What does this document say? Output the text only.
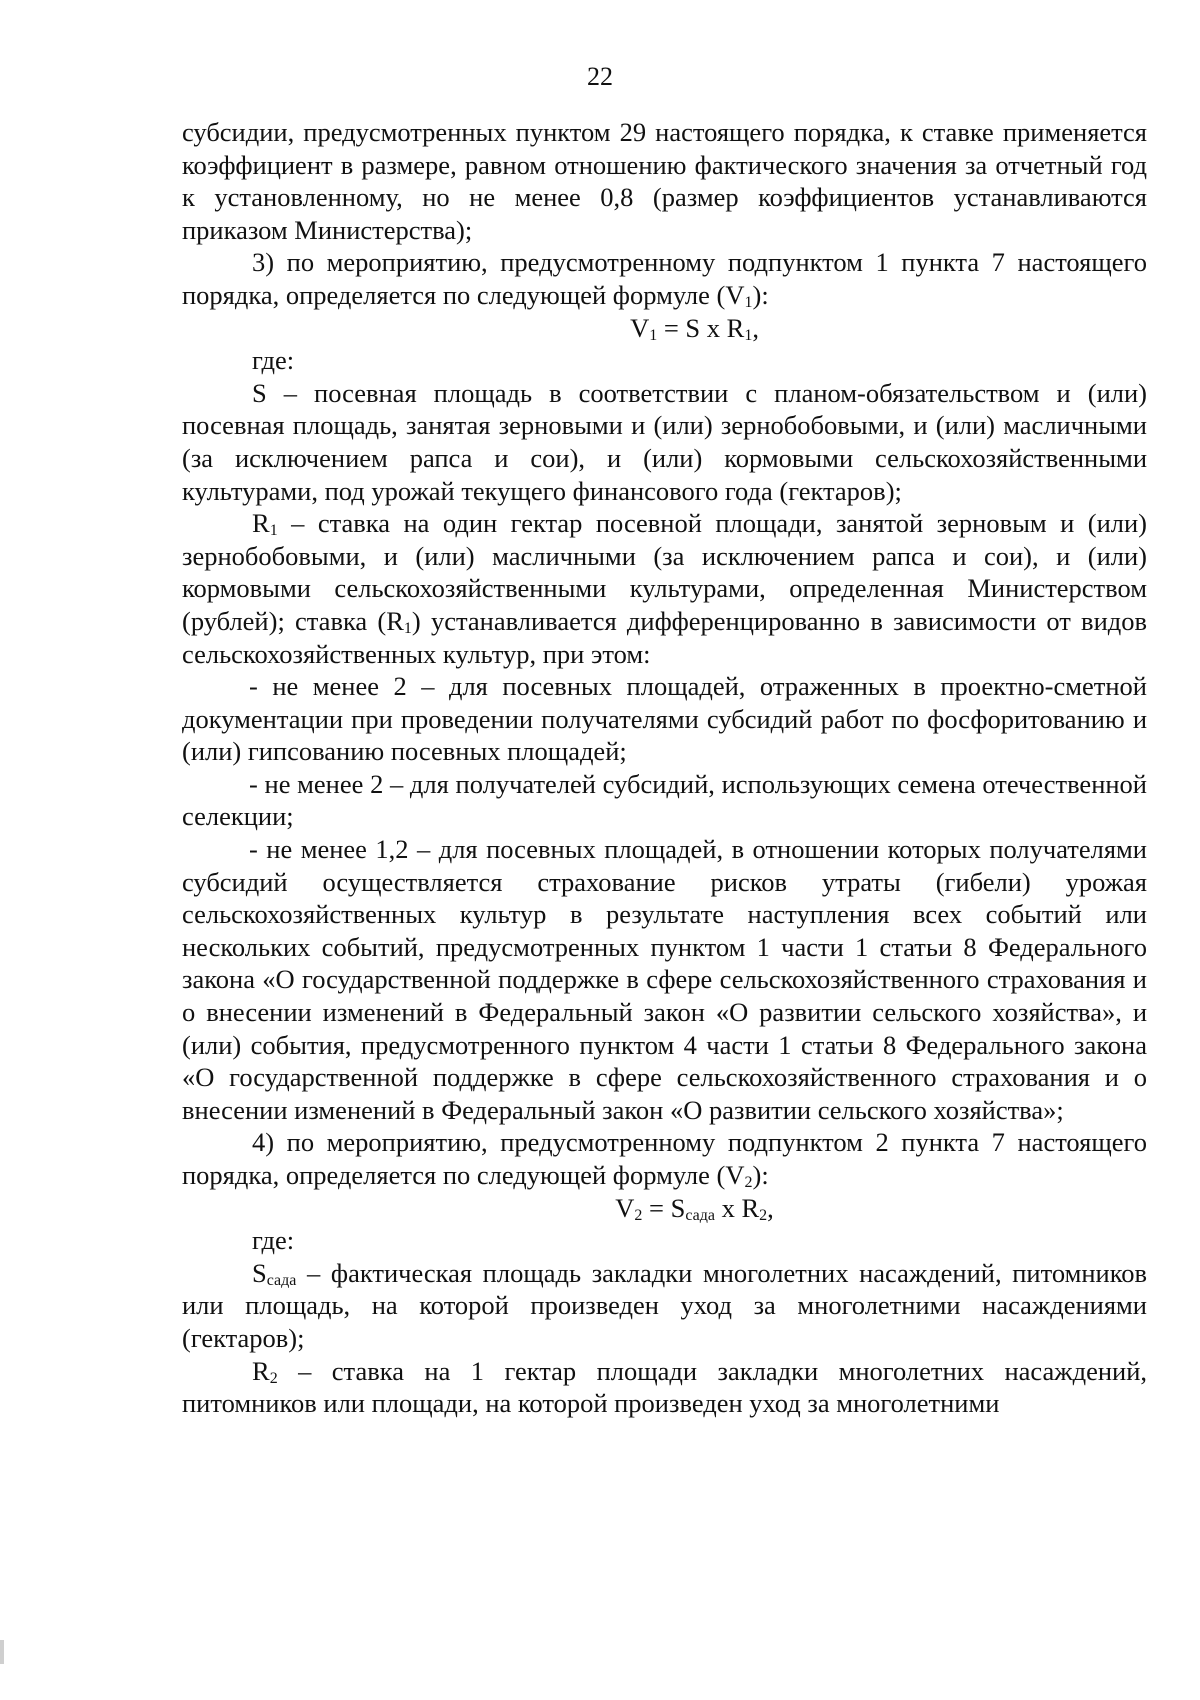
22

субсидии, предусмотренных пунктом 29 настоящего порядка, к ставке применяется коэффициент в размере, равном отношению фактического значения за отчетный год к установленному, но не менее 0,8 (размер коэффициентов устанавливаются приказом Министерства);

3) по мероприятию, предусмотренному подпунктом 1 пункта 7 настоящего порядка, определяется по следующей формуле $(V_1)$:

$V_1 = S$ x $R_1$,

где:

S – посевная площадь в соответствии с планом-обязательством и (или) посевная площадь, занятая зерновыми и (или) зернобобовыми, и (или) масличными (за исключением рапса и сои), и (или) кормовыми сельскохозяйственными культурами, под урожай текущего финансового года (гектаров);

$R_1$ – ставка на один гектар посевной площади, занятой зерновым и (или) зернобобовыми, и (или) масличными (за исключением рапса и сои), и (или) кормовыми сельскохозяйственными культурами, определенная Министерством (рублей); ставка $(R_1)$ устанавливается дифференцированно в зависимости от видов сельскохозяйственных культур, при этом:

- не менее 2 – для посевных площадей, отраженных в проектно-сметной документации при проведении получателями субсидий работ по фосфоритованию и (или) гипсованию посевных площадей;

- не менее 2 – для получателей субсидий, использующих семена отечественной селекции;

- не менее 1,2 – для посевных площадей, в отношении которых получателями субсидий осуществляется страхование рисков утраты (гибели) урожая сельскохозяйственных культур в результате наступления всех событий или нескольких событий, предусмотренных пунктом 1 части 1 статьи 8 Федерального закона «О государственной поддержке в сфере сельскохозяйственного страхования и о внесении изменений в Федеральный закон «О развитии сельского хозяйства», и (или) события, предусмотренного пунктом 4 части 1 статьи 8 Федерального закона «О государственной поддержке в сфере сельскохозяйственного страхования и о внесении изменений в Федеральный закон «О развитии сельского хозяйства»;

4) по мероприятию, предусмотренному подпунктом 2 пункта 7 настоящего порядка, определяется по следующей формуле $(V_2)$:

$V_2 = S_{сада}$ x $R_2$,

где:

$S_{сада}$ – фактическая площадь закладки многолетних насаждений, питомников или площадь, на которой произведен уход за многолетними насаждениями (гектаров);

$R_2$ – ставка на 1 гектар площади закладки многолетних насаждений, питомников или площади, на которой произведен уход за многолетними
